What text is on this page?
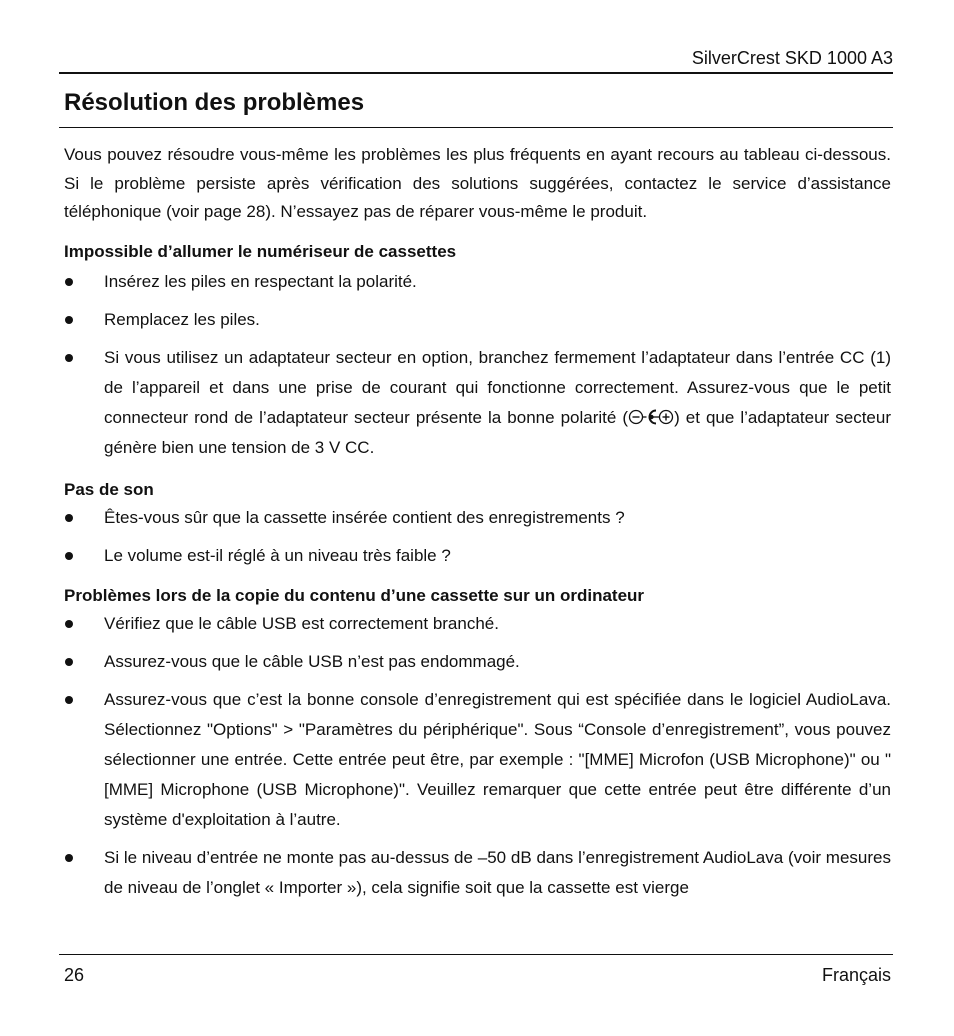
SilverCrest SKD 1000 A3
Résolution des problèmes

Vous pouvez résoudre vous-même les problèmes les plus fréquents en ayant recours au tableau ci-dessous. Si le problème persiste après vérification des solutions suggérées, contactez le service d’assistance téléphonique (voir page 28). N’essayez pas de réparer vous-même le produit.

Impossible d’allumer le numériseur de cassettes
Insérez les piles en respectant la polarité.
Remplacez les piles.
Si vous utilisez un adaptateur secteur en option, branchez fermement l’adaptateur dans l’entrée CC (1) de l’appareil et dans une prise de courant qui fonctionne correctement. Assurez-vous que le petit connecteur rond de l’adaptateur secteur présente la bonne polarité (	) et que l’adaptateur secteur génère bien une tension de 3 V CC.
Pas de son
Êtes-vous sûr que la cassette insérée contient des enregistrements ?
Le volume est-il réglé à un niveau très faible ?
Problèmes lors de la copie du contenu d’une cassette sur un ordinateur
Vérifiez que le câble USB est correctement branché.
Assurez-vous que le câble USB n’est pas endommagé.
Assurez-vous que c’est la bonne console d’enregistrement qui est spécifiée dans le logiciel AudioLava. Sélectionnez "Options" > "Paramètres du périphérique". Sous “Console d’enregistrement”, vous pouvez sélectionner une entrée. Cette entrée peut être, par exemple : "[MME] Microfon (USB Microphone)" ou "[MME] Microphone (USB Microphone)". Veuillez remarquer que cette entrée peut être différente d’un système d'exploitation à l’autre.
Si le niveau d’entrée ne monte pas au-dessus de –50 dB dans l’enregistrement AudioLava (voir mesures de niveau de l’onglet « Importer »), cela signifie soit que la cassette est vierge
26	Français
